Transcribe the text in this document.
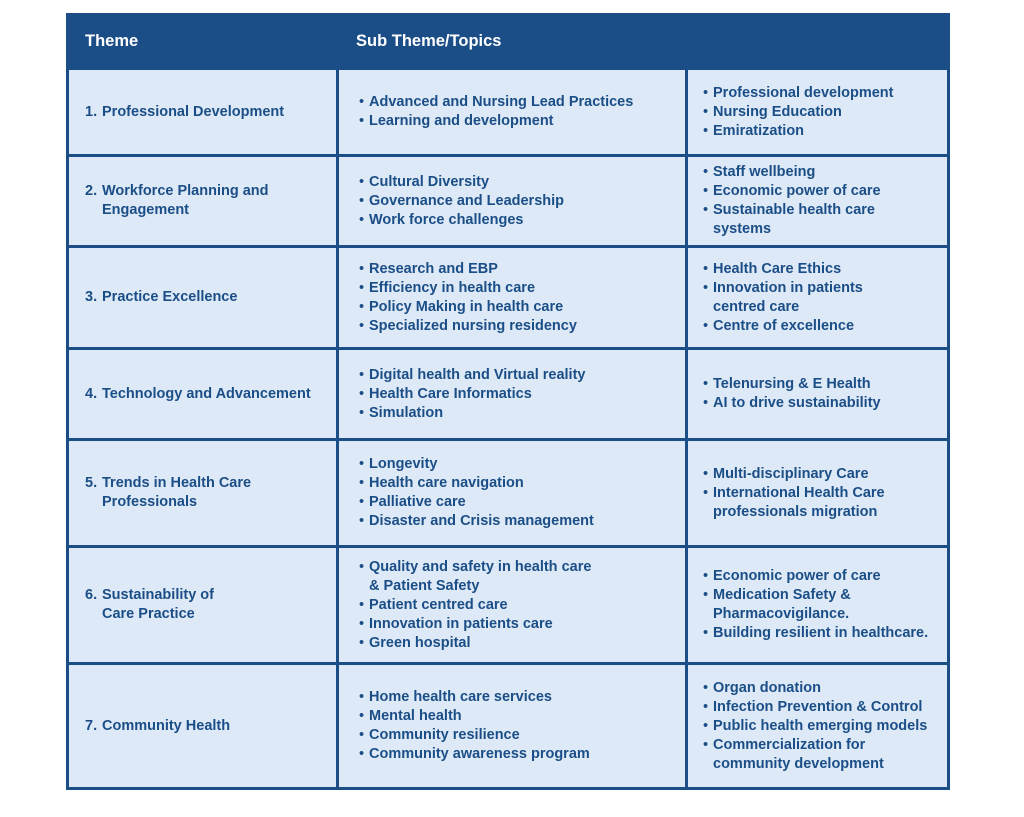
Theme	Sub Theme/Topics
1. Professional Development
• Advanced and Nursing Lead Practices
• Learning and development
• Professional development
• Nursing Education
• Emiratization
2. Workforce Planning and
Engagement
• Cultural Diversity
• Governance and Leadership
• Work force challenges
• Staff wellbeing
• Economic power of care
• Sustainable health care
systems
3. Practice Excellence
• Research and EBP
• Efficiency in health care
• Policy Making in health care
• Specialized nursing residency
• Health Care Ethics
• Innovation in patients
centred care
• Centre of excellence
4. Technology and Advancement
• Digital health and Virtual reality
• Health Care Informatics
• Simulation
• Telenursing & E Health
• AI to drive sustainability
5. Trends in Health Care
Professionals
• Longevity
• Health care navigation
• Palliative care
• Disaster and Crisis management
• Multi-disciplinary Care
• International Health Care
professionals migration
6. Sustainability of
Care Practice
• Quality and safety in health care
& Patient Safety
• Patient centred care
• Innovation in patients care
• Green hospital
• Economic power of care
• Medication Safety &
Pharmacovigilance.
• Building resilient in healthcare.
7. Community Health
• Home health care services
• Mental health
• Community resilience
• Community awareness program
• Organ donation
• Infection Prevention & Control
• Public health emerging models
• Commercialization for
community development
